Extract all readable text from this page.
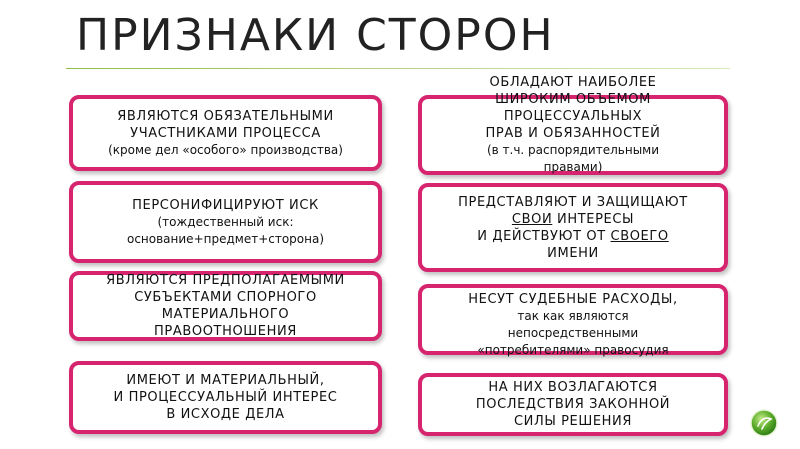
ПРИЗНАКИ СТОРОН
ЯВЛЯЮТСЯ ОБЯЗАТЕЛЬНЫМИ
УЧАСТНИКАМИ ПРОЦЕССА
(кроме дел «особого» производства)
ПЕРСОНИФИЦИРУЮТ ИСК
(тождественный иск:
основание+предмет+сторона)
ЯВЛЯЮТСЯ ПРЕДПОЛАГАЕМЫМИ
СУБЪЕКТАМИ СПОРНОГО
МАТЕРИАЛЬНОГО
ПРАВООТНОШЕНИЯ
ИМЕЮТ И МАТЕРИАЛЬНЫЙ,
И ПРОЦЕССУАЛЬНЫЙ ИНТЕРЕС
В ИСХОДЕ ДЕЛА
ОБЛАДАЮТ НАИБОЛЕЕ
ШИРОКИМ ОБЪЕМОМ
ПРОЦЕССУАЛЬНЫХ
ПРАВ И ОБЯЗАННОСТЕЙ
(в т.ч. распорядительными
правами)
ПРЕДСТАВЛЯЮТ И ЗАЩИЩАЮТ
СВОИ ИНТЕРЕСЫ
И ДЕЙСТВУЮТ ОТ СВОЕГО
ИМЕНИ
НЕСУТ СУДЕБНЫЕ РАСХОДЫ,
так как являются
непосредственными
«потребителями» правосудия
НА НИХ ВОЗЛАГАЮТСЯ
ПОСЛЕДСТВИЯ ЗАКОННОЙ
СИЛЫ РЕШЕНИЯ
